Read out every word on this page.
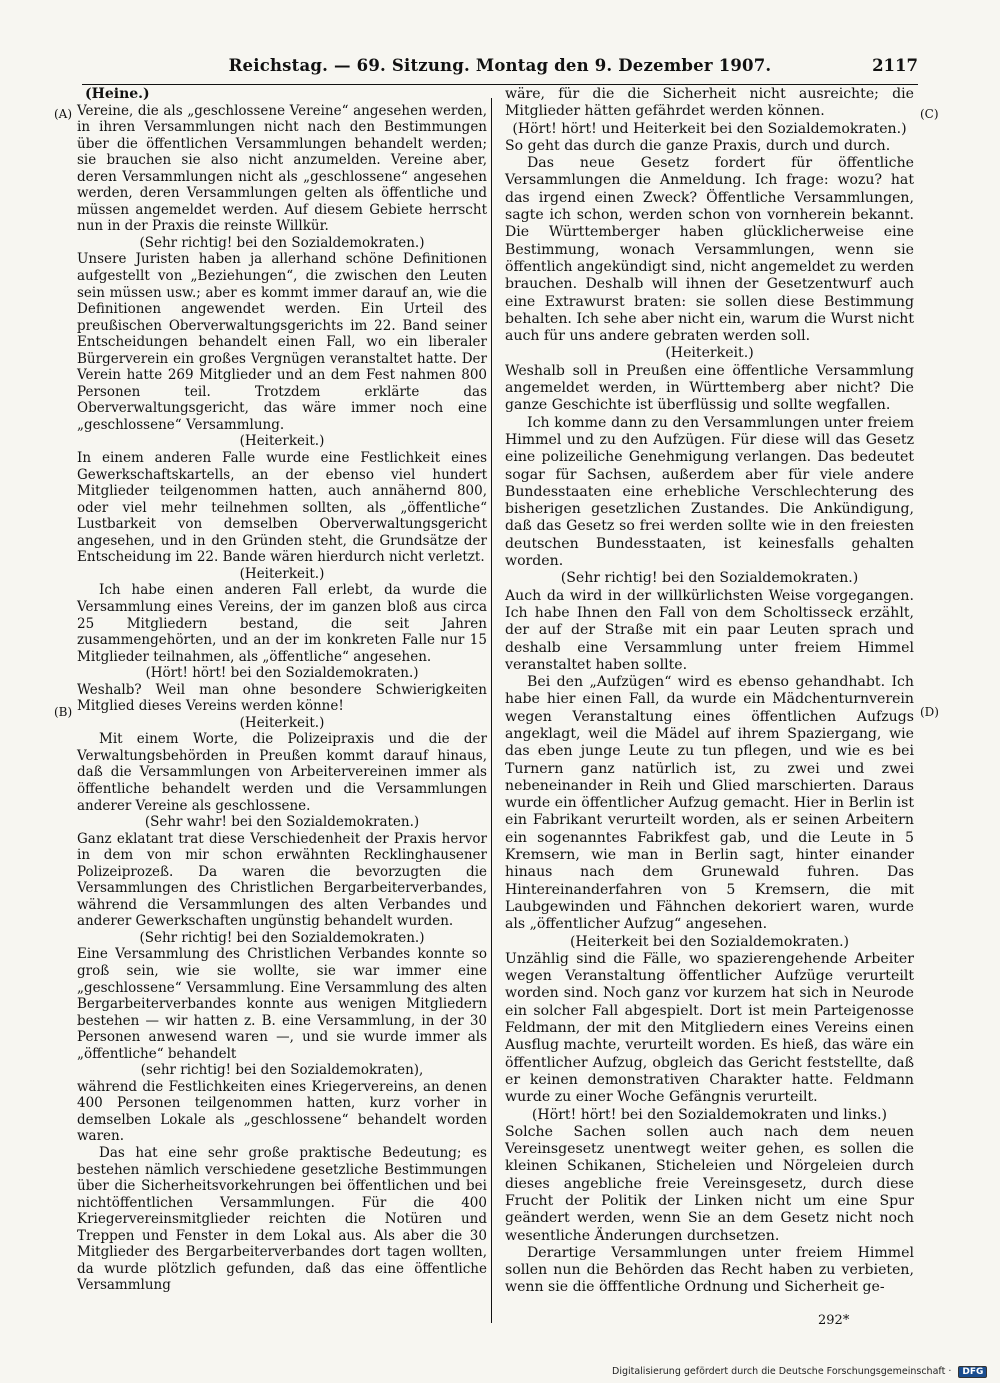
Reichstag. — 69. Sitzung. Montag den 9. Dezember 1907.	2117
(A)
(B)
(C)
(D)

(Heine.)

Vereine, die als „geschlossene Vereine“ angesehen werden, in ihren Versammlungen nicht nach den Bestimmungen über die öffentlichen Versammlungen behandelt werden; sie brauchen sie also nicht anzumelden. Vereine aber, deren Versammlungen nicht als „geschlossene“ angesehen werden, deren Versammlungen gelten als öffentliche und müssen angemeldet werden. Auf diesem Gebiete herrscht nun in der Praxis die reinste Willkür.

(Sehr richtig! bei den Sozialdemokraten.)

Unsere Juristen haben ja allerhand schöne Definitionen aufgestellt von „Beziehungen“, die zwischen den Leuten sein müssen usw.; aber es kommt immer darauf an, wie die Definitionen angewendet werden. Ein Urteil des preußischen Oberverwaltungsgerichts im 22. Band seiner Entscheidungen behandelt einen Fall, wo ein liberaler Bürgerverein ein großes Vergnügen veranstaltet hatte. Der Verein hatte 269 Mitglieder und an dem Fest nahmen 800 Personen teil. Trotzdem erklärte das Oberverwaltungsgericht, das wäre immer noch eine „geschlossene“ Versammlung.

(Heiterkeit.)

In einem anderen Falle wurde eine Festlichkeit eines Gewerkschaftskartells, an der ebenso viel hundert Mitglieder teilgenommen hatten, auch annähernd 800, oder viel mehr teilnehmen sollten, als „öffentliche“ Lustbarkeit von demselben Oberverwaltungsgericht angesehen, und in den Gründen steht, die Grundsätze der Entscheidung im 22. Bande wären hierdurch nicht verletzt.

(Heiterkeit.)

Ich habe einen anderen Fall erlebt, da wurde die Versammlung eines Vereins, der im ganzen bloß aus circa 25 Mitgliedern bestand, die seit Jahren zusammengehörten, und an der im konkreten Falle nur 15 Mitglieder teilnahmen, als „öffentliche“ angesehen.

(Hört! hört! bei den Sozialdemokraten.)

Weshalb? Weil man ohne besondere Schwierigkeiten Mitglied dieses Vereins werden könne!

(Heiterkeit.)

Mit einem Worte, die Polizeipraxis und die der Verwaltungsbehörden in Preußen kommt darauf hinaus, daß die Versammlungen von Arbeitervereinen immer als öffentliche behandelt werden und die Versammlungen anderer Vereine als geschlossene.

(Sehr wahr! bei den Sozialdemokraten.)

Ganz eklatant trat diese Verschiedenheit der Praxis hervor in dem von mir schon erwähnten Recklinghausener Polizeiprozeß. Da waren die bevorzugten die Versammlungen des Christlichen Bergarbeiterverbandes, während die Versammlungen des alten Verbandes und anderer Gewerkschaften ungünstig behandelt wurden.

(Sehr richtig! bei den Sozialdemokraten.)

Eine Versammlung des Christlichen Verbandes konnte so groß sein, wie sie wollte, sie war immer eine „geschlossene“ Versammlung. Eine Versammlung des alten Bergarbeiterverbandes konnte aus wenigen Mitgliedern bestehen — wir hatten z. B. eine Versammlung, in der 30 Personen anwesend waren —, und sie wurde immer als „öffentliche“ behandelt

(sehr richtig! bei den Sozialdemokraten),

während die Festlichkeiten eines Kriegervereins, an denen 400 Personen teilgenommen hatten, kurz vorher in demselben Lokale als „geschlossene“ behandelt worden waren.

Das hat eine sehr große praktische Bedeutung; es bestehen nämlich verschiedene gesetzliche Bestimmungen über die Sicherheitsvorkehrungen bei öffentlichen und bei nichtöffentlichen Versammlungen. Für die 400 Kriegervereinsmitglieder reichten die Notüren und Treppen und Fenster in dem Lokal aus. Als aber die 30 Mitglieder des Bergarbeiterverbandes dort tagen wollten, da wurde plötzlich gefunden, daß das eine öffentliche Versammlung

wäre, für die die Sicherheit nicht ausreichte; die Mitglieder hätten gefährdet werden können.

(Hört! hört! und Heiterkeit bei den Sozialdemokraten.)

So geht das durch die ganze Praxis, durch und durch.

Das neue Gesetz fordert für öffentliche Versammlungen die Anmeldung. Ich frage: wozu? hat das irgend einen Zweck? Öffentliche Versammlungen, sagte ich schon, werden schon von vornherein bekannt. Die Württemberger haben glücklicherweise eine Bestimmung, wonach Versammlungen, wenn sie öffentlich angekündigt sind, nicht angemeldet zu werden brauchen. Deshalb will ihnen der Gesetzentwurf auch eine Extrawurst braten: sie sollen diese Bestimmung behalten. Ich sehe aber nicht ein, warum die Wurst nicht auch für uns andere gebraten werden soll.

(Heiterkeit.)

Weshalb soll in Preußen eine öffentliche Versammlung angemeldet werden, in Württemberg aber nicht? Die ganze Geschichte ist überflüssig und sollte wegfallen.

Ich komme dann zu den Versammlungen unter freiem Himmel und zu den Aufzügen. Für diese will das Gesetz eine polizeiliche Genehmigung verlangen. Das bedeutet sogar für Sachsen, außerdem aber für viele andere Bundesstaaten eine erhebliche Verschlechterung des bisherigen gesetzlichen Zustandes. Die Ankündigung, daß das Gesetz so frei werden sollte wie in den freiesten deutschen Bundesstaaten, ist keinesfalls gehalten worden.

(Sehr richtig! bei den Sozialdemokraten.)

Auch da wird in der willkürlichsten Weise vorgegangen. Ich habe Ihnen den Fall von dem Scholtisseck erzählt, der auf der Straße mit ein paar Leuten sprach und deshalb eine Versammlung unter freiem Himmel veranstaltet haben sollte.

Bei den „Aufzügen“ wird es ebenso gehandhabt. Ich habe hier einen Fall, da wurde ein Mädchenturnverein wegen Veranstaltung eines öffentlichen Aufzugs angeklagt, weil die Mädel auf ihrem Spaziergang, wie das eben junge Leute zu tun pflegen, und wie es bei Turnern ganz natürlich ist, zu zwei und zwei nebeneinander in Reih und Glied marschierten. Daraus wurde ein öffentlicher Aufzug gemacht. Hier in Berlin ist ein Fabrikant verurteilt worden, als er seinen Arbeitern ein sogenanntes Fabrikfest gab, und die Leute in 5 Kremsern, wie man in Berlin sagt, hinter einander hinaus nach dem Grunewald fuhren. Das Hintereinanderfahren von 5 Kremsern, die mit Laubgewinden und Fähnchen dekoriert waren, wurde als „öffentlicher Aufzug“ angesehen.

(Heiterkeit bei den Sozialdemokraten.)

Unzählig sind die Fälle, wo spazierengehende Arbeiter wegen Veranstaltung öffentlicher Aufzüge verurteilt worden sind. Noch ganz vor kurzem hat sich in Neurode ein solcher Fall abgespielt. Dort ist mein Parteigenosse Feldmann, der mit den Mitgliedern eines Vereins einen Ausflug machte, verurteilt worden. Es hieß, das wäre ein öffentlicher Aufzug, obgleich das Gericht feststellte, daß er keinen demonstrativen Charakter hatte. Feldmann wurde zu einer Woche Gefängnis verurteilt.

(Hört! hört! bei den Sozialdemokraten und links.)

Solche Sachen sollen auch nach dem neuen Vereinsgesetz unentwegt weiter gehen, es sollen die kleinen Schikanen, Sticheleien und Nörgeleien durch dieses angebliche freie Vereinsgesetz, durch diese Frucht der Politik der Linken nicht um eine Spur geändert werden, wenn Sie an dem Gesetz nicht noch wesentliche Änderungen durchsetzen.

Derartige Versammlungen unter freiem Himmel sollen nun die Behörden das Recht haben zu verbieten, wenn sie die öfffentliche Ordnung und Sicherheit ge-

292*
Digitalisierung gefördert durch die Deutsche Forschungsgemeinschaft · DFG
